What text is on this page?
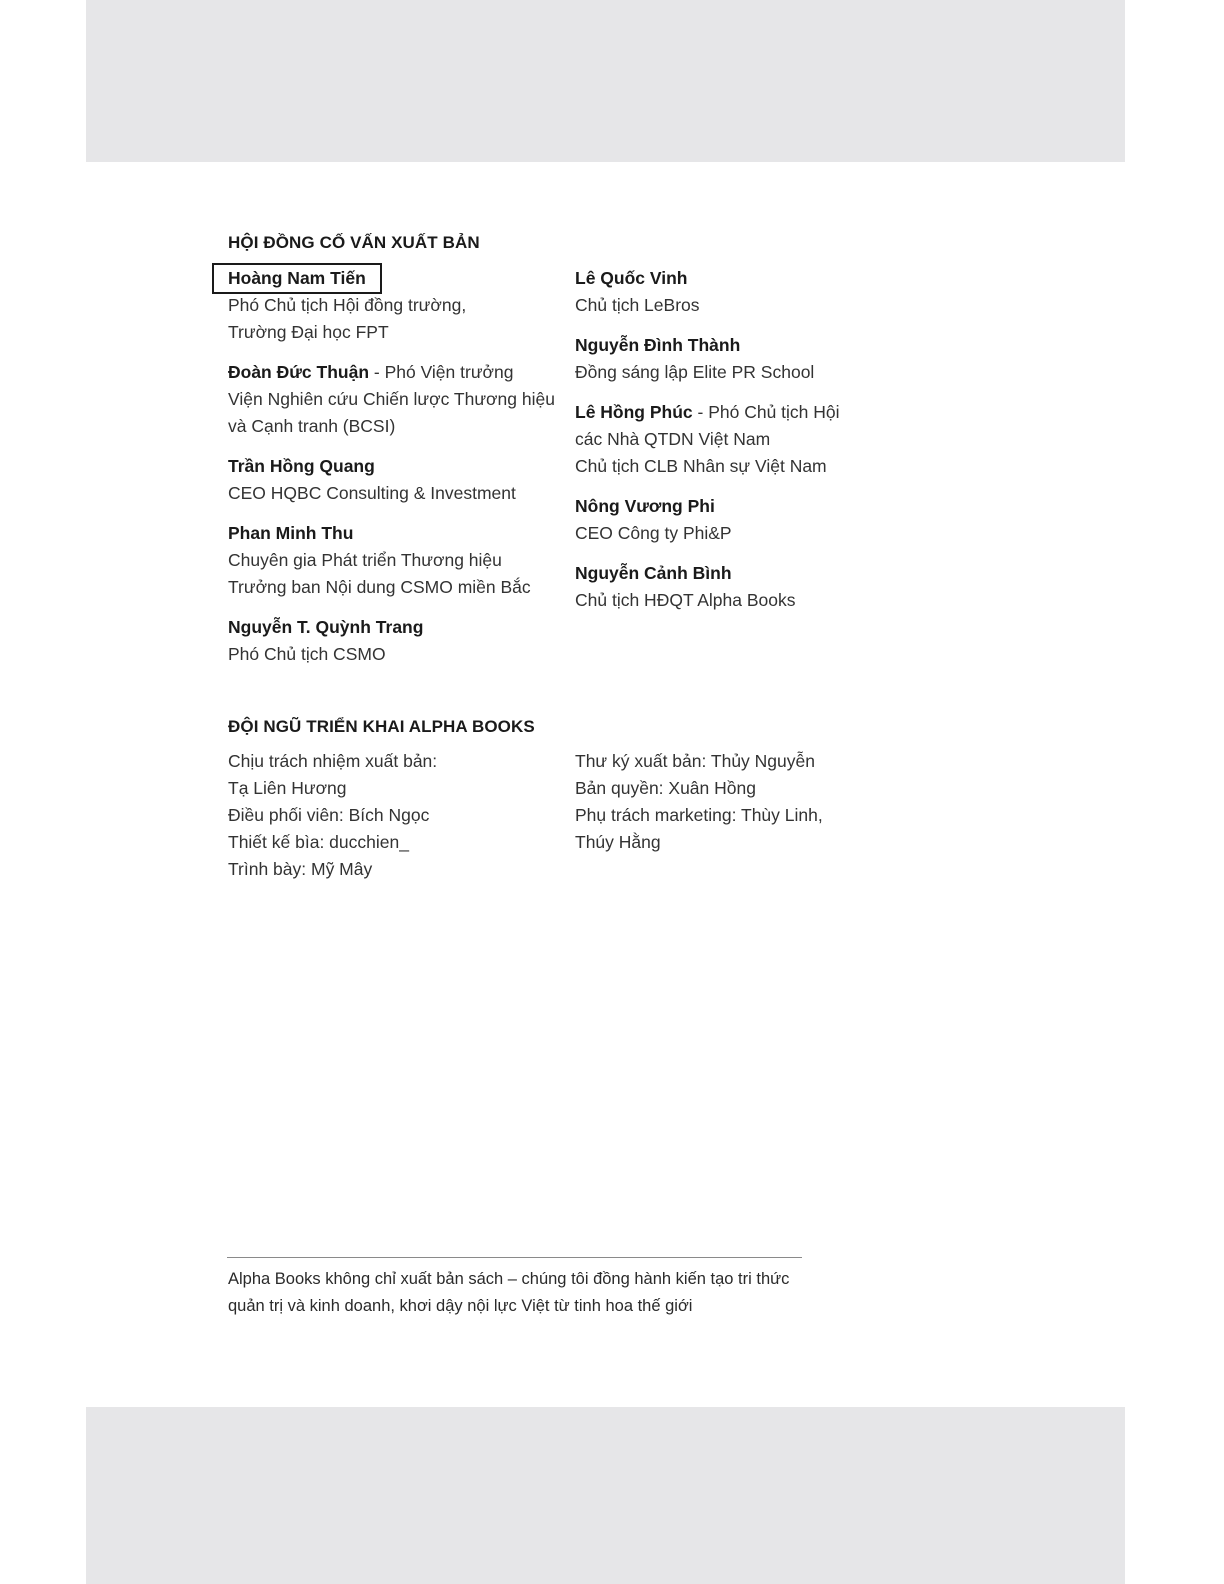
HỘI ĐỒNG CỐ VẤN XUẤT BẢN
Hoàng Nam Tiến
Phó Chủ tịch Hội đồng trường,
Trường Đại học FPT
Đoàn Đức Thuận - Phó Viện trưởng
Viện Nghiên cứu Chiến lược Thương hiệu
và Cạnh tranh (BCSI)
Trần Hồng Quang
CEO HQBC Consulting & Investment
Phan Minh Thu
Chuyên gia Phát triển Thương hiệu
Trưởng ban Nội dung CSMO miền Bắc
Nguyễn T. Quỳnh Trang
Phó Chủ tịch CSMO
Lê Quốc Vinh
Chủ tịch LeBros
Nguyễn Đình Thành
Đồng sáng lập Elite PR School
Lê Hồng Phúc - Phó Chủ tịch Hội
các Nhà QTDN Việt Nam
Chủ tịch CLB Nhân sự Việt Nam
Nông Vương Phi
CEO Công ty Phi&P
Nguyễn Cảnh Bình
Chủ tịch HĐQT Alpha Books
ĐỘI NGŨ TRIỂN KHAI ALPHA BOOKS
Chịu trách nhiệm xuất bản:
Tạ Liên Hương
Điều phối viên: Bích Ngọc
Thiết kế bìa: ducchien_
Trình bày: Mỹ Mây
Thư ký xuất bản: Thủy Nguyễn
Bản quyền: Xuân Hồng
Phụ trách marketing: Thùy Linh,
Thúy Hằng

Alpha Books không chỉ xuất bản sách – chúng tôi đồng hành kiến tạo tri thức
quản trị và kinh doanh, khơi dậy nội lực Việt từ tinh hoa thế giới
